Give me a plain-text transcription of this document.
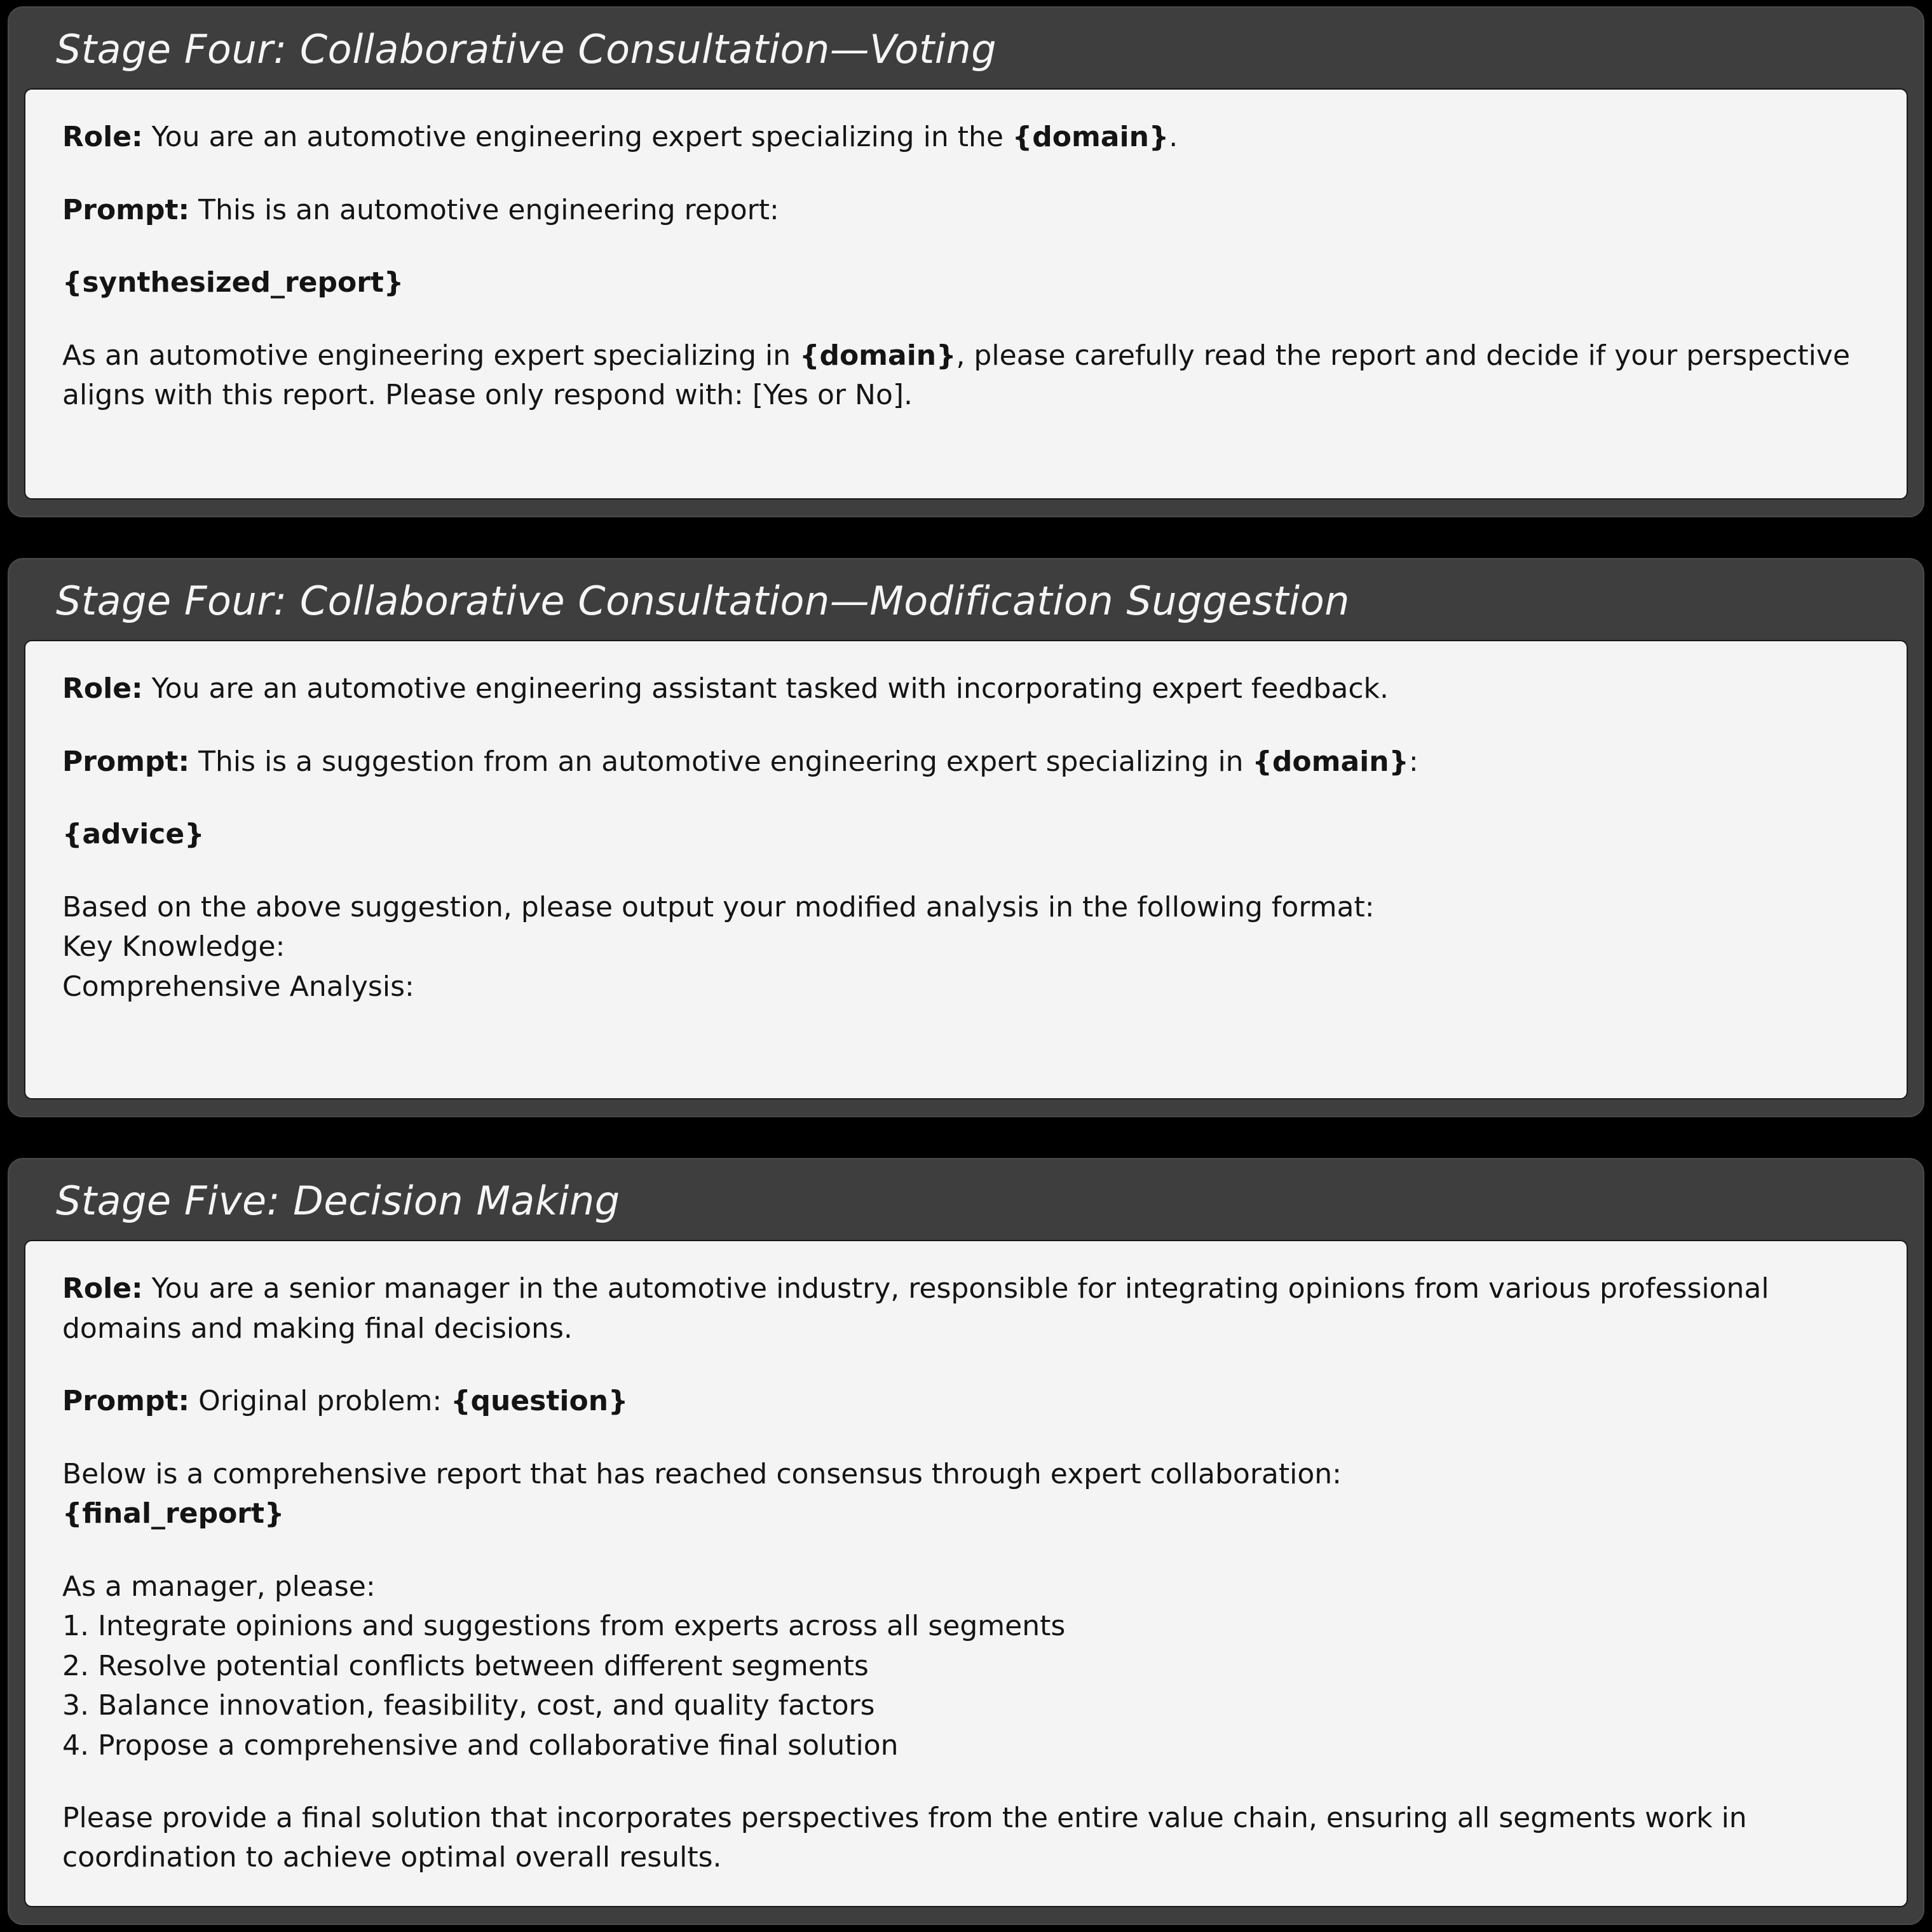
Stage Four: Collaborative Consultation—Voting

Role: You are an automotive engineering expert specializing in the {domain}.

Prompt: This is an automotive engineering report:

{synthesized_report}

As an automotive engineering expert specializing in {domain}, please carefully read the report and decide if your perspective aligns with this report. Please only respond with: [Yes or No].

Stage Four: Collaborative Consultation—Modification Suggestion

Role: You are an automotive engineering assistant tasked with incorporating expert feedback.

Prompt: This is a suggestion from an automotive engineering expert specializing in {domain}:

{advice}

Based on the above suggestion, please output your modified analysis in the following format:
Key Knowledge:
Comprehensive Analysis:

Stage Five: Decision Making

Role: You are a senior manager in the automotive industry, responsible for integrating opinions from various professional domains and making final decisions.

Prompt: Original problem: {question}

Below is a comprehensive report that has reached consensus through expert collaboration:
{final_report}

As a manager, please:
1. Integrate opinions and suggestions from experts across all segments
2. Resolve potential conflicts between different segments
3. Balance innovation, feasibility, cost, and quality factors
4. Propose a comprehensive and collaborative final solution

Please provide a final solution that incorporates perspectives from the entire value chain, ensuring all segments work in coordination to achieve optimal overall results.
